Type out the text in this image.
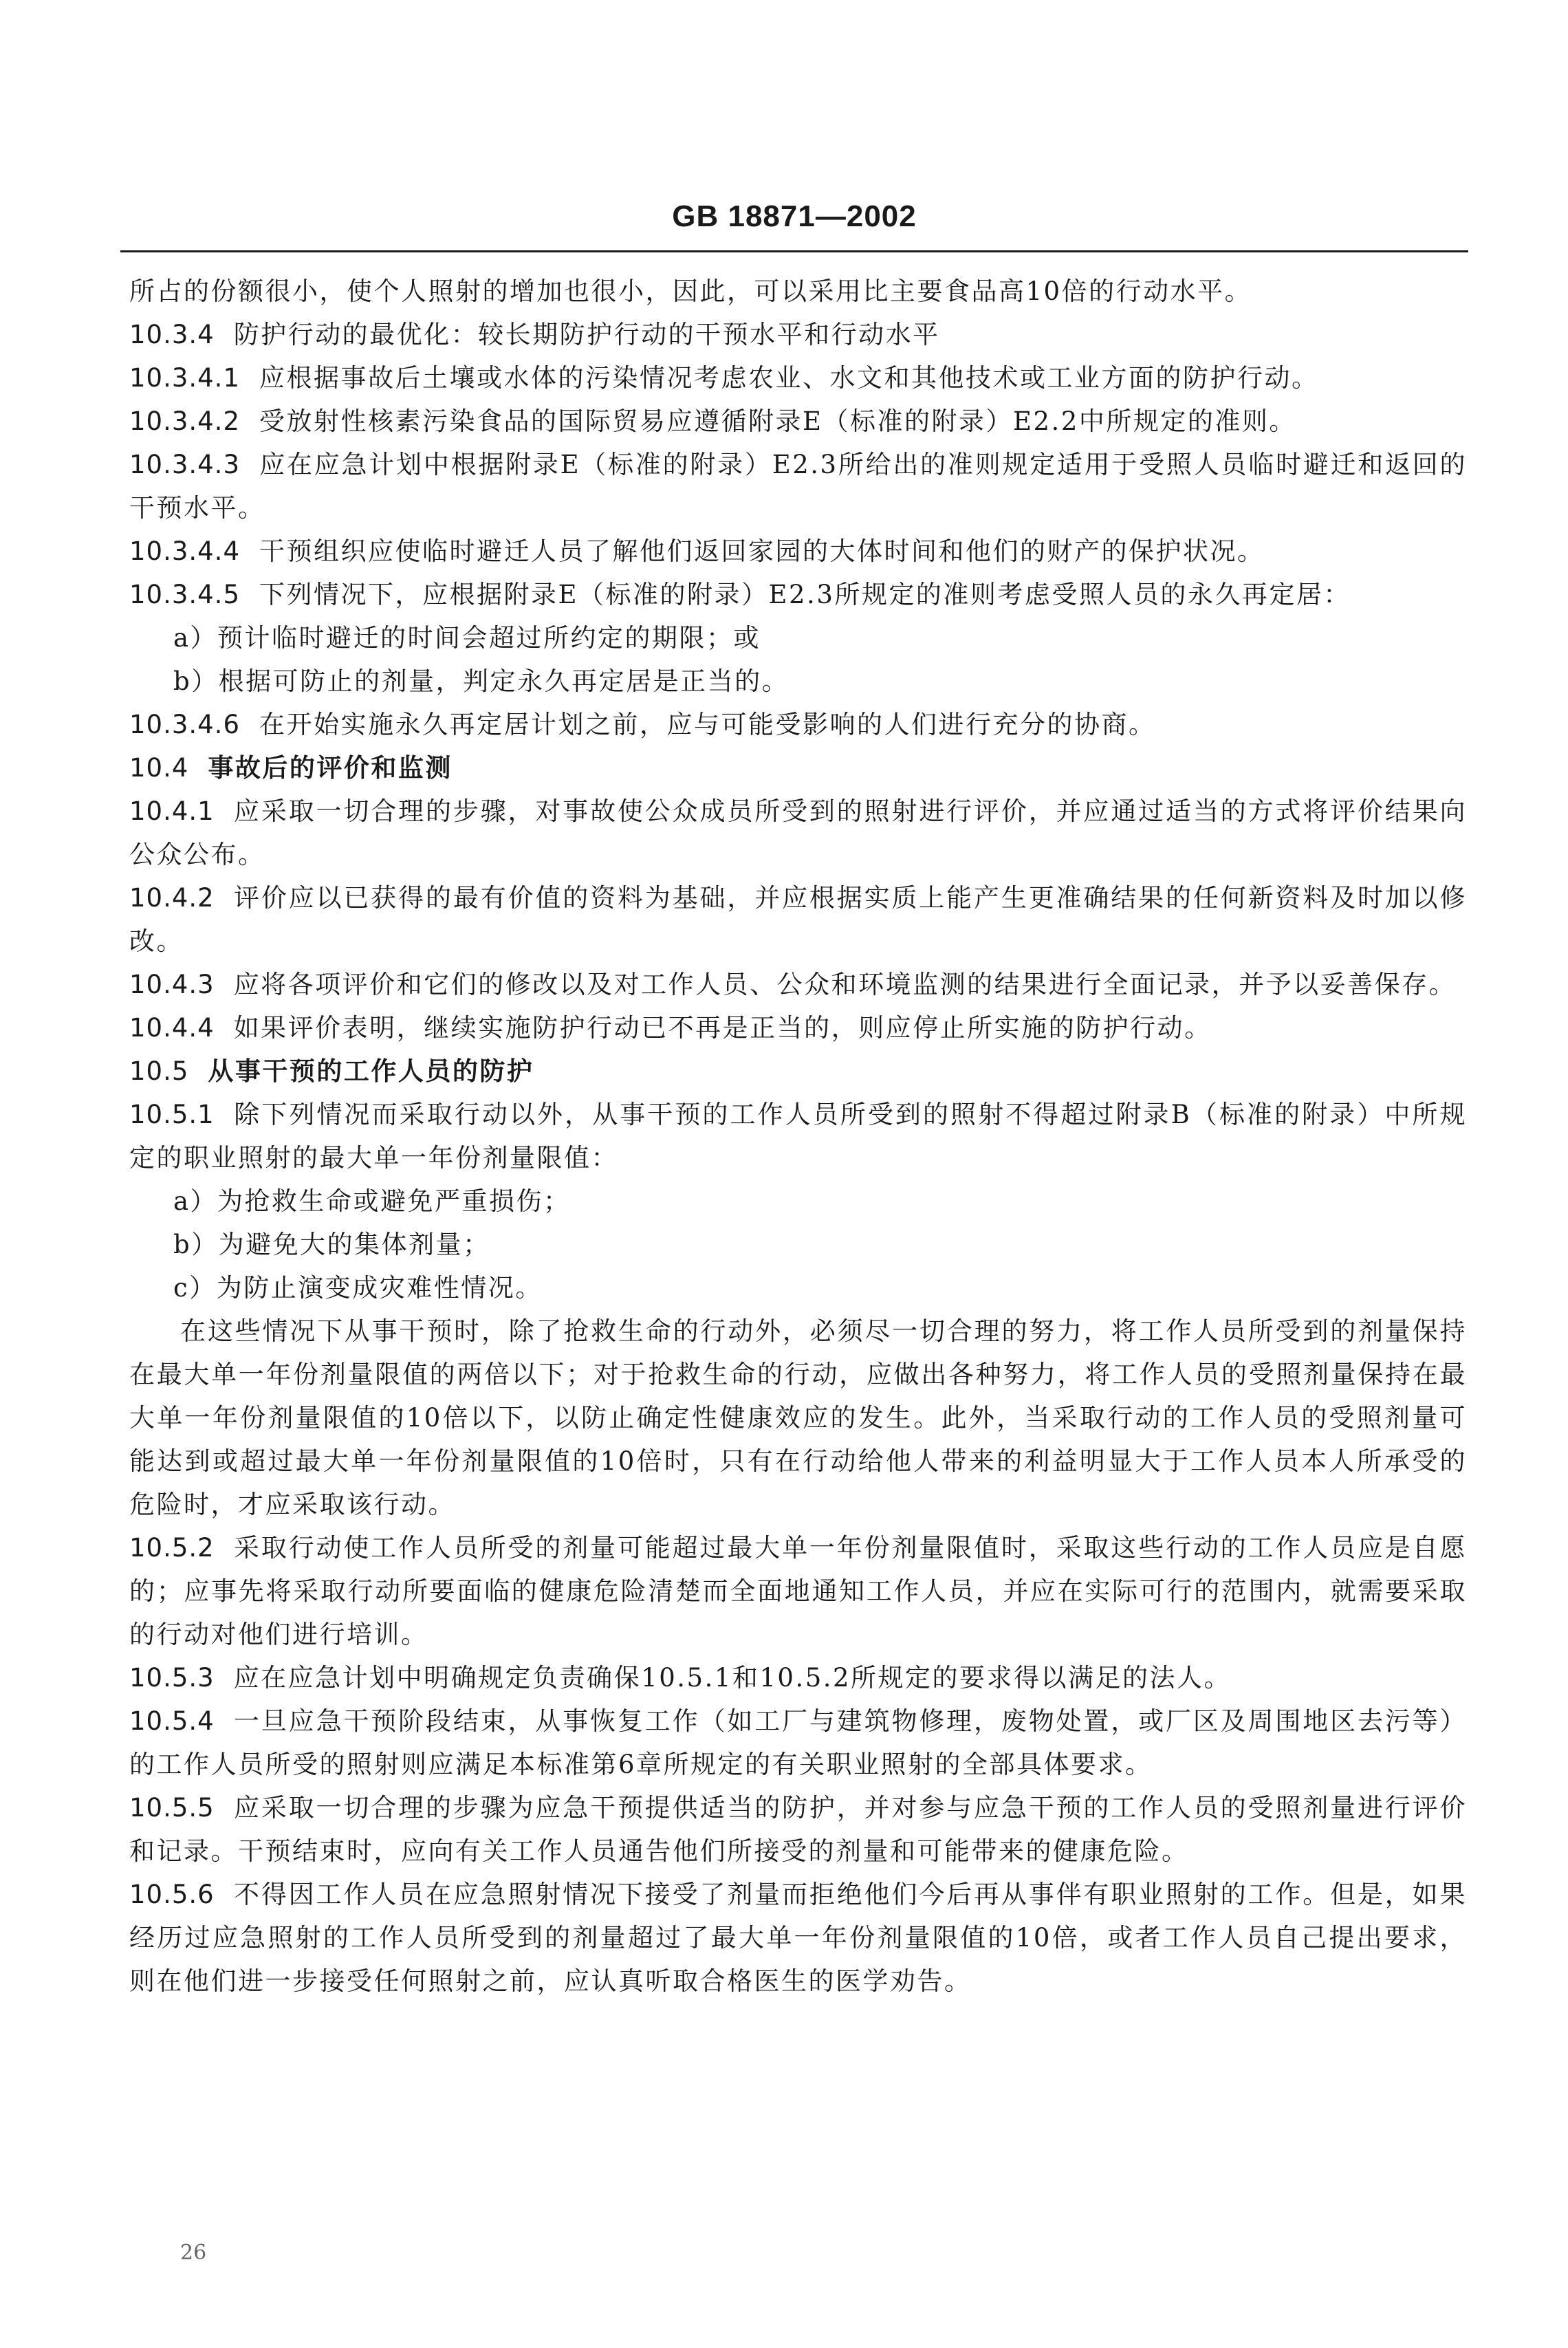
GB 18871—2002
所占的份额很小，使个人照射的增加也很小，因此，可以采用比主要食品高10倍的行动水平。
10.3.4 防护行动的最优化：较长期防护行动的干预水平和行动水平
10.3.4.1 应根据事故后土壤或水体的污染情况考虑农业、水文和其他技术或工业方面的防护行动。
10.3.4.2 受放射性核素污染食品的国际贸易应遵循附录E（标准的附录）E2.2中所规定的准则。
10.3.4.3 应在应急计划中根据附录E（标准的附录）E2.3所给出的准则规定适用于受照人员临时避迁和返回的干预水平。
10.3.4.4 干预组织应使临时避迁人员了解他们返回家园的大体时间和他们的财产的保护状况。
10.3.4.5 下列情况下，应根据附录E（标准的附录）E2.3所规定的准则考虑受照人员的永久再定居：
a）预计临时避迁的时间会超过所约定的期限；或
b）根据可防止的剂量，判定永久再定居是正当的。
10.3.4.6 在开始实施永久再定居计划之前，应与可能受影响的人们进行充分的协商。
10.4 事故后的评价和监测
10.4.1 应采取一切合理的步骤，对事故使公众成员所受到的照射进行评价，并应通过适当的方式将评价结果向公众公布。
10.4.2 评价应以已获得的最有价值的资料为基础，并应根据实质上能产生更准确结果的任何新资料及时加以修改。
10.4.3 应将各项评价和它们的修改以及对工作人员、公众和环境监测的结果进行全面记录，并予以妥善保存。
10.4.4 如果评价表明，继续实施防护行动已不再是正当的，则应停止所实施的防护行动。
10.5 从事干预的工作人员的防护
10.5.1 除下列情况而采取行动以外，从事干预的工作人员所受到的照射不得超过附录B（标准的附录）中所规定的职业照射的最大单一年份剂量限值：
a）为抢救生命或避免严重损伤；
b）为避免大的集体剂量；
c）为防止演变成灾难性情况。
在这些情况下从事干预时，除了抢救生命的行动外，必须尽一切合理的努力，将工作人员所受到的剂量保持在最大单一年份剂量限值的两倍以下；对于抢救生命的行动，应做出各种努力，将工作人员的受照剂量保持在最大单一年份剂量限值的10倍以下，以防止确定性健康效应的发生。此外，当采取行动的工作人员的受照剂量可能达到或超过最大单一年份剂量限值的10倍时，只有在行动给他人带来的利益明显大于工作人员本人所承受的危险时，才应采取该行动。
10.5.2 采取行动使工作人员所受的剂量可能超过最大单一年份剂量限值时，采取这些行动的工作人员应是自愿的；应事先将采取行动所要面临的健康危险清楚而全面地通知工作人员，并应在实际可行的范围内，就需要采取的行动对他们进行培训。
10.5.3 应在应急计划中明确规定负责确保10.5.1和10.5.2所规定的要求得以满足的法人。
10.5.4 一旦应急干预阶段结束，从事恢复工作（如工厂与建筑物修理，废物处置，或厂区及周围地区去污等）的工作人员所受的照射则应满足本标准第6章所规定的有关职业照射的全部具体要求。
10.5.5 应采取一切合理的步骤为应急干预提供适当的防护，并对参与应急干预的工作人员的受照剂量进行评价和记录。干预结束时，应向有关工作人员通告他们所接受的剂量和可能带来的健康危险。
10.5.6 不得因工作人员在应急照射情况下接受了剂量而拒绝他们今后再从事伴有职业照射的工作。但是，如果经历过应急照射的工作人员所受到的剂量超过了最大单一年份剂量限值的10倍，或者工作人员自己提出要求，则在他们进一步接受任何照射之前，应认真听取合格医生的医学劝告。
26
